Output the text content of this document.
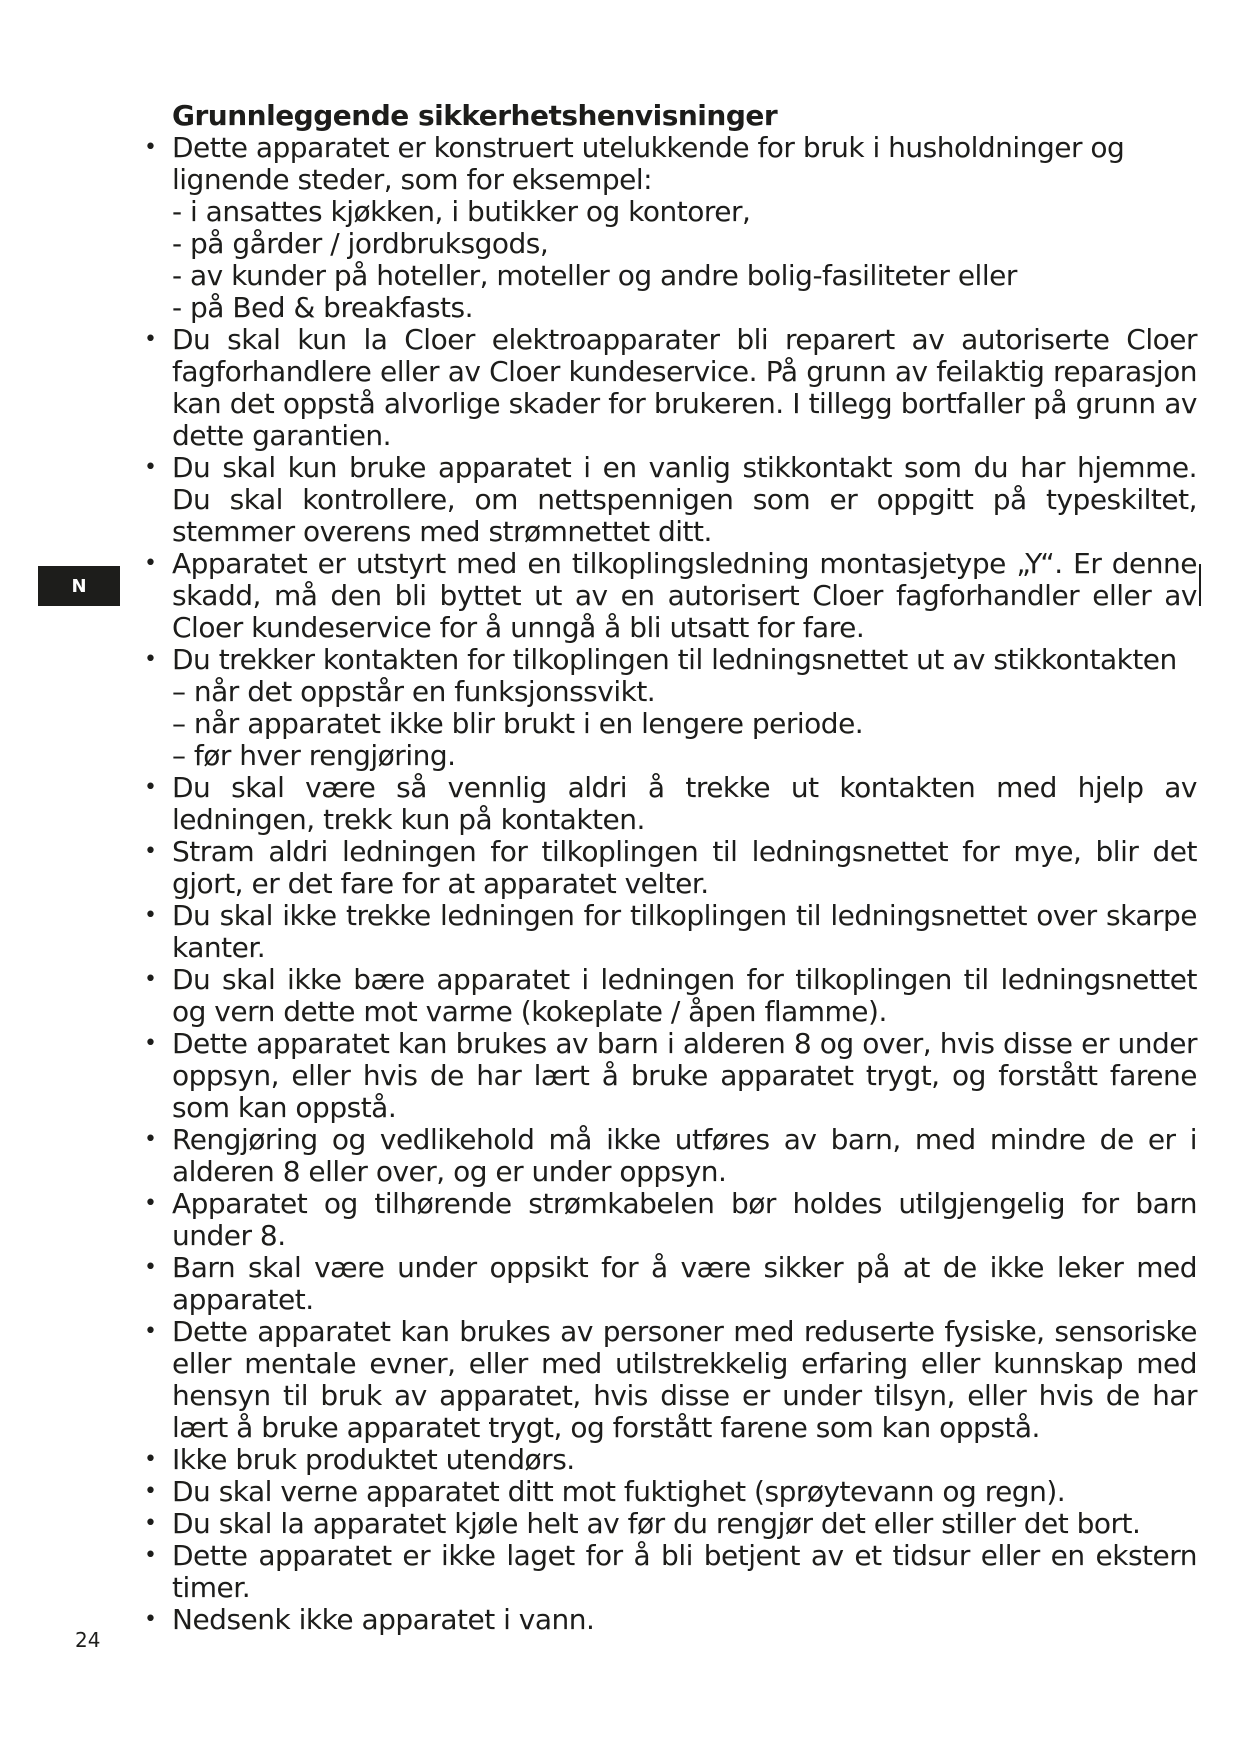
N
24
Grunnleggende sikkerhetshenvisninger
• Dette apparatet er konstruert utelukkende for bruk i husholdninger og lignende steder, som for eksempel:
- i ansattes kjøkken, i butikker og kontorer,
- på gårder / jordbruksgods,
- av kunder på hoteller, moteller og andre bolig-fasiliteter eller
- på Bed & breakfasts.
• Du skal kun la Cloer elektroapparater bli reparert av autoriserte Cloer fagforhandlere eller av Cloer kundeservice. På grunn av feilaktig reparasjon kan det oppstå alvorlige skader for brukeren. I tillegg bortfaller på grunn av dette garantien.
• Du skal kun bruke apparatet i en vanlig stikkontakt som du har hjemme. Du skal kontrollere, om nettspennigen som er oppgitt på typeskiltet, stemmer overens med strømnettet ditt.
• Apparatet er utstyrt med en tilkoplingsledning montasjetype „Y“. Er denne skadd, må den bli byttet ut av en autorisert Cloer fagforhandler eller av Cloer kundeservice for å unngå å bli utsatt for fare.
• Du trekker kontakten for tilkoplingen til ledningsnettet ut av stikkontakten
– når det oppstår en funksjonssvikt.
– når apparatet ikke blir brukt i en lengere periode.
– før hver rengjøring.
• Du skal være så vennlig aldri å trekke ut kontakten med hjelp av ledningen, trekk kun på kontakten.
• Stram aldri ledningen for tilkoplingen til ledningsnettet for mye, blir det gjort, er det fare for at apparatet velter.
• Du skal ikke trekke ledningen for tilkoplingen til ledningsnettet over skarpe kanter.
• Du skal ikke bære apparatet i ledningen for tilkoplingen til ledningsnettet og vern dette mot varme (kokeplate / åpen flamme).
• Dette apparatet kan brukes av barn i alderen 8 og over, hvis disse er under oppsyn, eller hvis de har lært å bruke apparatet trygt, og forstått farene som kan oppstå.
• Rengjøring og vedlikehold må ikke utføres av barn, med mindre de er i alderen 8 eller over, og er under oppsyn.
• Apparatet og tilhørende strømkabelen bør holdes utilgjengelig for barn under 8.
• Barn skal være under oppsikt for å være sikker på at de ikke leker med apparatet.
• Dette apparatet kan brukes av personer med reduserte fysiske, sensoriske eller mentale evner, eller med utilstrekkelig erfaring eller kunnskap med hensyn til bruk av apparatet, hvis disse er under tilsyn, eller hvis de har lært å bruke apparatet trygt, og forstått farene som kan oppstå.
• Ikke bruk produktet utendørs.
• Du skal verne apparatet ditt mot fuktighet (sprøytevann og regn).
• Du skal la apparatet kjøle helt av før du rengjør det eller stiller det bort.
• Dette apparatet er ikke laget for å bli betjent av et tidsur eller en ekstern timer.
• Nedsenk ikke apparatet i vann.
